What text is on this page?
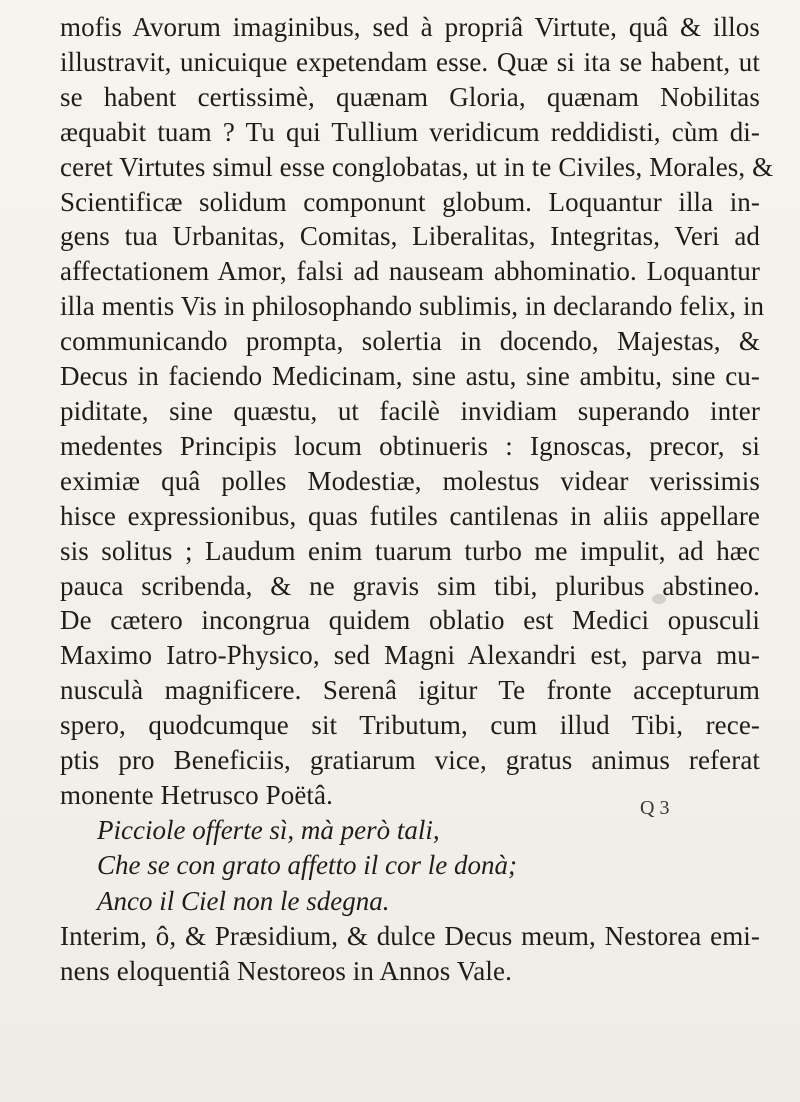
mofis Avorum imaginibus, sed à propriâ Virtute, quâ & illos
illustravit, unicuique expetendam esse. Quæ si ita se habent, ut
se habent certissimè, quænam Gloria, quænam Nobilitas
æquabit tuam ? Tu qui Tullium veridicum reddidisti, cùm di-
ceret Virtutes simul esse conglobatas, ut in te Civiles, Morales, &
Scientificæ solidum componunt globum. Loquantur illa in-
gens tua Urbanitas, Comitas, Liberalitas, Integritas, Veri ad
affectationem Amor, falsi ad nauseam abhominatio. Loquantur
illa mentis Vis in philosophando sublimis, in declarando felix, in
communicando prompta, solertia in docendo, Majestas, &
Decus in faciendo Medicinam, sine astu, sine ambitu, sine cu-
piditate, sine quæstu, ut facilè invidiam superando inter
medentes Principis locum obtinueris : Ignoscas, precor, si
eximiæ quâ polles Modestiæ, molestus videar verissimis
hisce expressionibus, quas futiles cantilenas in aliis appellare
sis solitus ; Laudum enim tuarum turbo me impulit, ad hæc
pauca scribenda, & ne gravis sim tibi, pluribus abstineo.
De cætero incongrua quidem oblatio est Medici opusculi
Maximo Iatro-Physico, sed Magni Alexandri est, parva mu-
nusculà magnificere. Serenâ igitur Te fronte accepturum
spero, quodcumque sit Tributum, cum illud Tibi, rece-
ptis pro Beneficiis, gratiarum vice, gratus animus referat
monente Hetrusco Poëtâ.
Picciole offerte sì, mà però tali,
Che se con grato affetto il cor le donà;
Anco il Ciel non le sdegna.
Interim, ô, & Præsidium, & dulce Decus meum, Nestorea emi-
nens eloquentiâ Nestoreos in Annos Vale.
Q 3
